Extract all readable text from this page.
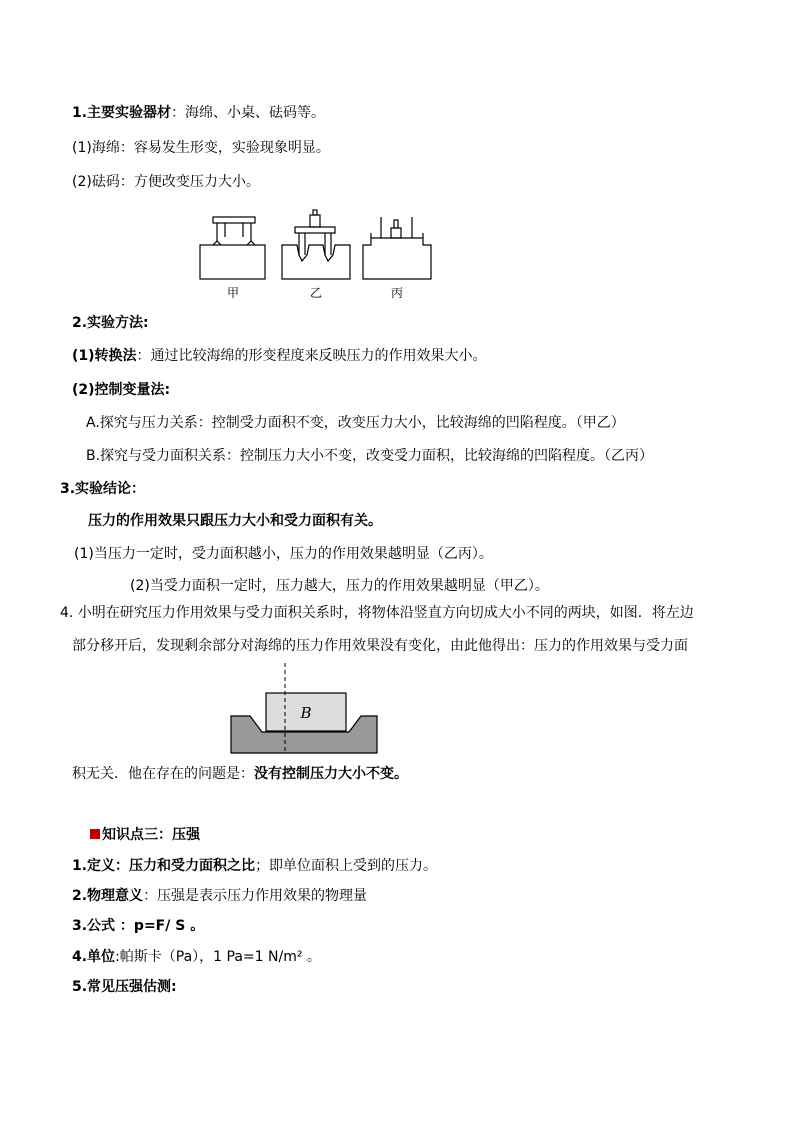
1.主要实验器材：海绵、小桌、砝码等。
(1)海绵：容易发生形变，实验现象明显。
(2)砝码：方便改变压力大小。
甲	乙	丙
2.实验方法:
(1)转换法：通过比较海绵的形变程度来反映压力的作用效果大小。
(2)控制变量法:
A.探究与压力关系：控制受力面积不变，改变压力大小，比较海绵的凹陷程度。（甲乙）
B.探究与受力面积关系：控制压力大小不变，改变受力面积，比较海绵的凹陷程度。（乙丙）
3.实验结论：
压力的作用效果只跟压力大小和受力面积有关。
(1)当压力一定时，受力面积越小，压力的作用效果越明显（乙丙）。
(2)当受力面积一定时，压力越大，压力的作用效果越明显（甲乙）。
4. 小明在研究压力作用效果与受力面积关系时，将物体沿竖直方向切成大小不同的两块，如图．将左边
部分移开后，发现剩余部分对海绵的压力作用效果没有变化，由此他得出：压力的作用效果与受力面
B
积无关．他在存在的问题是：没有控制压力大小不变。
知识点三：压强
1.定义：压力和受力面积之比；即单位面积上受到的压力。
2.物理意义：压强是表示压力作用效果的物理量
3.公式 ：p=F/ S 。
4.单位:帕斯卡（Pa），1 Pa=1 N/m² 。
5.常见压强估测:
